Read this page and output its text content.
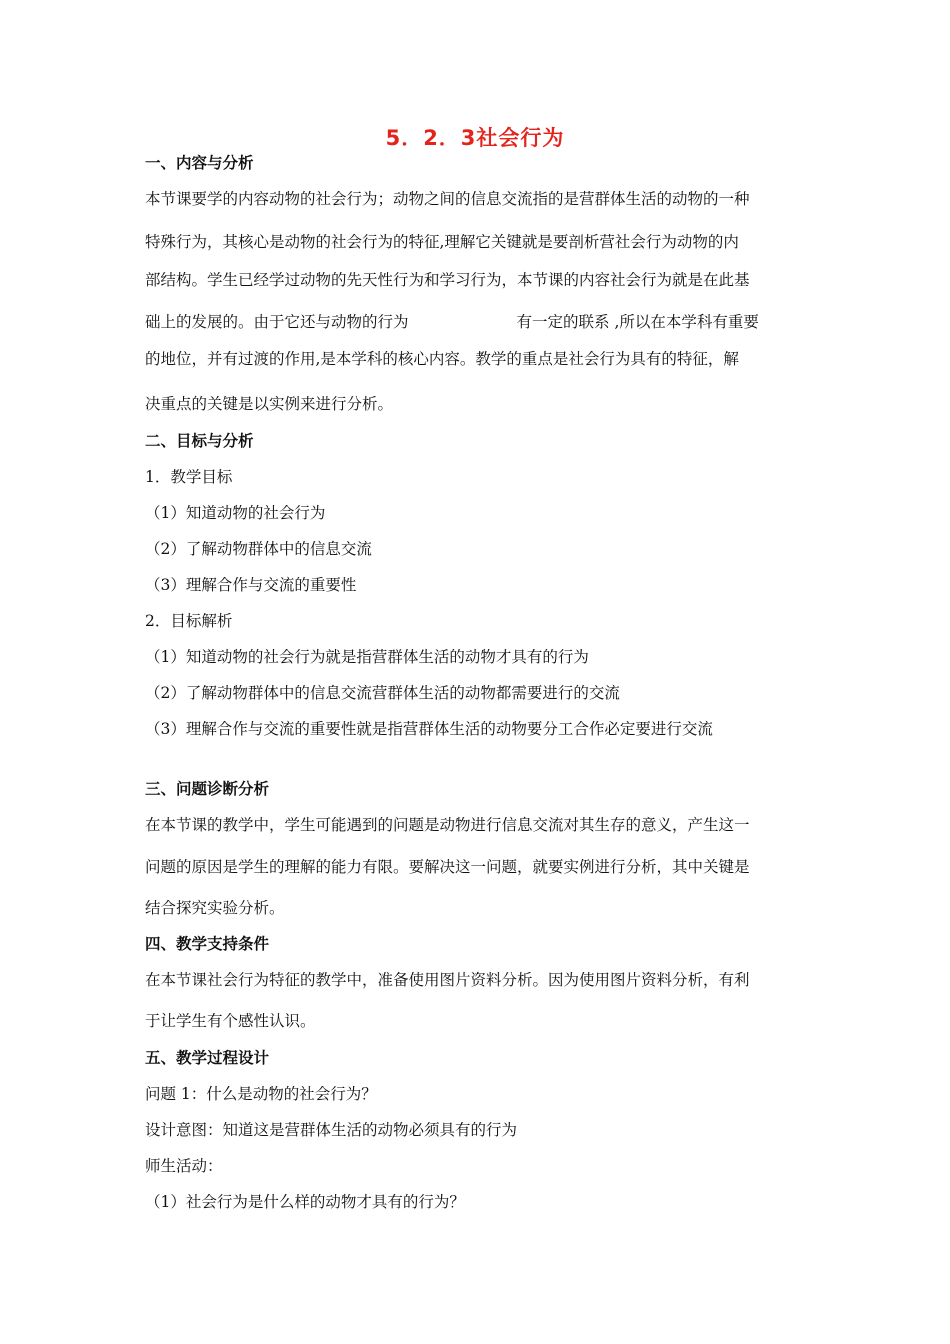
5．2．3社会行为
一、内容与分析
本节课要学的内容动物的社会行为；动物之间的信息交流指的是营群体生活的动物的一种
特殊行为，其核心是动物的社会行为的特征,理解它关键就是要剖析营社会行为动物的内
部结构。学生已经学过动物的先天性行为和学习行为，本节课的内容社会行为就是在此基
础上的发展的。由于它还与动物的行为	有一定的联系 ,所以在本学科有重要
的地位，并有过渡的作用,是本学科的核心内容。教学的重点是社会行为具有的特征，解
决重点的关键是以实例来进行分析。
二、目标与分析
1．教学目标
（1）知道动物的社会行为
（2）了解动物群体中的信息交流
（3）理解合作与交流的重要性
2．目标解析
（1）知道动物的社会行为就是指营群体生活的动物才具有的行为
（2）了解动物群体中的信息交流营群体生活的动物都需要进行的交流
（3）理解合作与交流的重要性就是指营群体生活的动物要分工合作必定要进行交流
三、问题诊断分析
在本节课的教学中，学生可能遇到的问题是动物进行信息交流对其生存的意义，产生这一
问题的原因是学生的理解的能力有限。要解决这一问题，就要实例进行分析，其中关键是
结合探究实验分析。
四、教学支持条件
在本节课社会行为特征的教学中，准备使用图片资料分析。因为使用图片资料分析，有利
于让学生有个感性认识。
五、教学过程设计
问题 1：什么是动物的社会行为？
设计意图：知道这是营群体生活的动物必须具有的行为
师生活动：
（1）社会行为是什么样的动物才具有的行为？
